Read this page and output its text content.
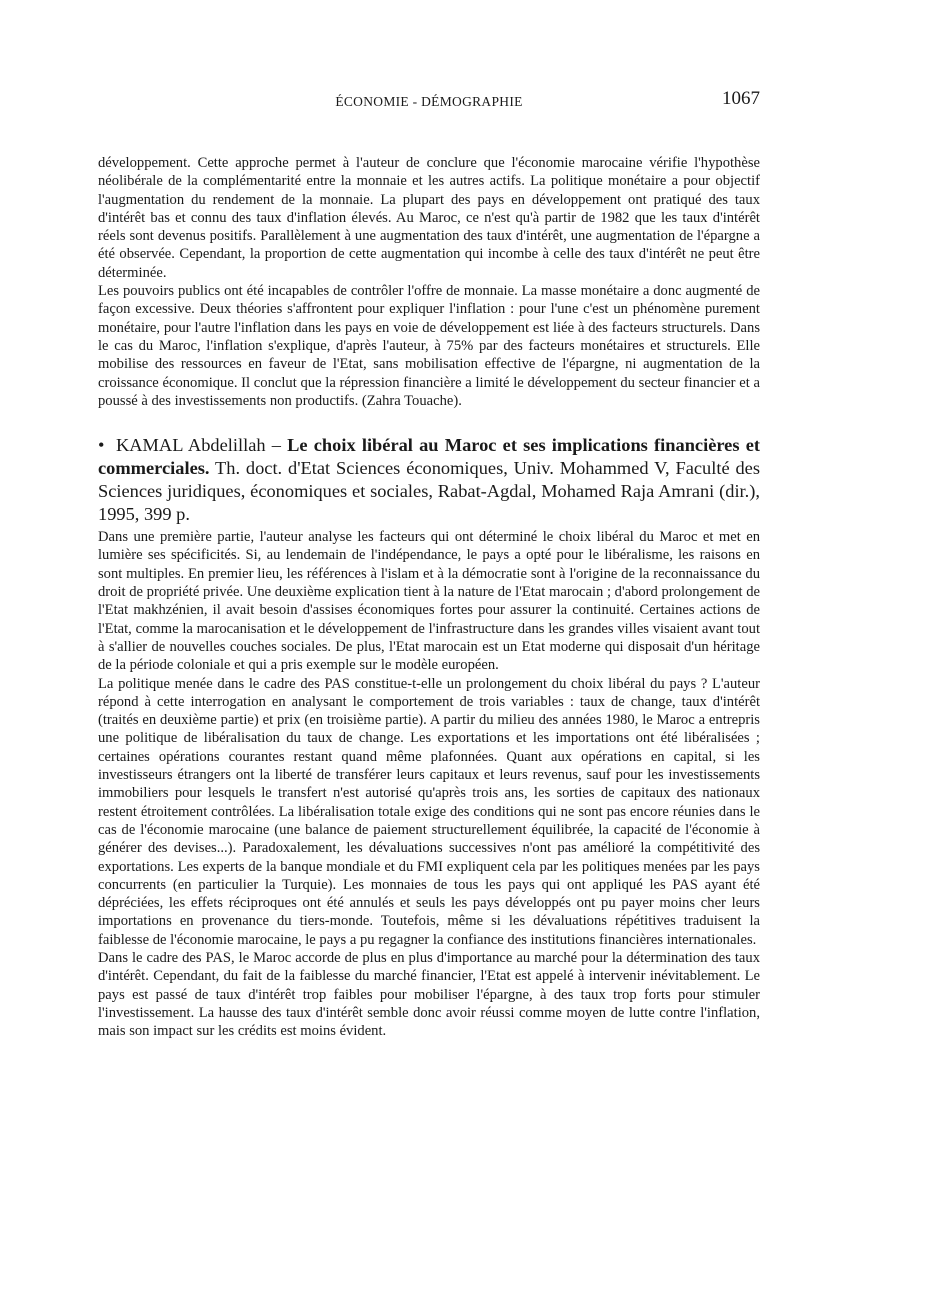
ÉCONOMIE - DÉMOGRAPHIE	1067

développement. Cette approche permet à l'auteur de conclure que l'économie marocaine vérifie l'hypothèse néolibérale de la complémentarité entre la monnaie et les autres actifs. La politique monétaire a pour objectif l'augmentation du rendement de la monnaie. La plupart des pays en développement ont pratiqué des taux d'intérêt bas et connu des taux d'inflation élevés. Au Maroc, ce n'est qu'à partir de 1982 que les taux d'intérêt réels sont devenus positifs. Parallèlement à une augmentation des taux d'intérêt, une augmentation de l'épargne a été observée. Cependant, la proportion de cette augmentation qui incombe à celle des taux d'intérêt ne peut être déterminée.

Les pouvoirs publics ont été incapables de contrôler l'offre de monnaie. La masse monétaire a donc augmenté de façon excessive. Deux théories s'affrontent pour expliquer l'inflation : pour l'une c'est un phénomène purement monétaire, pour l'autre l'inflation dans les pays en voie de développement est liée à des facteurs structurels. Dans le cas du Maroc, l'inflation s'explique, d'après l'auteur, à 75% par des facteurs monétaires et structurels. Elle mobilise des ressources en faveur de l'Etat, sans mobilisation effective de l'épargne, ni augmentation de la croissance économique. Il conclut que la répression financière a limité le développement du secteur financier et a poussé à des investissements non productifs. (Zahra Touache).

• KAMAL Abdelillah – Le choix libéral au Maroc et ses implications financières et commerciales. Th. doct. d'Etat Sciences économiques, Univ. Mohammed V, Faculté des Sciences juridiques, économiques et sociales, Rabat-Agdal, Mohamed Raja Amrani (dir.), 1995, 399 p.

Dans une première partie, l'auteur analyse les facteurs qui ont déterminé le choix libéral du Maroc et met en lumière ses spécificités. Si, au lendemain de l'indépendance, le pays a opté pour le libéralisme, les raisons en sont multiples. En premier lieu, les références à l'islam et à la démocratie sont à l'origine de la reconnaissance du droit de propriété privée. Une deuxième explication tient à la nature de l'Etat marocain ; d'abord prolongement de l'Etat makhzénien, il avait besoin d'assises économiques fortes pour assurer la continuité. Certaines actions de l'Etat, comme la marocanisation et le développement de l'infrastructure dans les grandes villes visaient avant tout à s'allier de nouvelles couches sociales. De plus, l'Etat marocain est un Etat moderne qui disposait d'un héritage de la période coloniale et qui a pris exemple sur le modèle européen.

La politique menée dans le cadre des PAS constitue-t-elle un prolongement du choix libéral du pays ? L'auteur répond à cette interrogation en analysant le comportement de trois variables : taux de change, taux d'intérêt (traités en deuxième partie) et prix (en troisième partie). A partir du milieu des années 1980, le Maroc a entrepris une politique de libéralisation du taux de change. Les exportations et les importations ont été libéralisées ; certaines opérations courantes restant quand même plafonnées. Quant aux opérations en capital, si les investisseurs étrangers ont la liberté de transférer leurs capitaux et leurs revenus, sauf pour les investissements immobiliers pour lesquels le transfert n'est autorisé qu'après trois ans, les sorties de capitaux des nationaux restent étroitement contrôlées. La libéralisation totale exige des conditions qui ne sont pas encore réunies dans le cas de l'économie marocaine (une balance de paiement structurellement équilibrée, la capacité de l'économie à générer des devises...). Paradoxalement, les dévaluations successives n'ont pas amélioré la compétitivité des exportations. Les experts de la banque mondiale et du FMI expliquent cela par les politiques menées par les pays concurrents (en particulier la Turquie). Les monnaies de tous les pays qui ont appliqué les PAS ayant été dépréciées, les effets réciproques ont été annulés et seuls les pays développés ont pu payer moins cher leurs importations en provenance du tiers-monde. Toutefois, même si les dévaluations répétitives traduisent la faiblesse de l'économie marocaine, le pays a pu regagner la confiance des institutions financières internationales.

Dans le cadre des PAS, le Maroc accorde de plus en plus d'importance au marché pour la détermination des taux d'intérêt. Cependant, du fait de la faiblesse du marché financier, l'Etat est appelé à intervenir inévitablement. Le pays est passé de taux d'intérêt trop faibles pour mobiliser l'épargne, à des taux trop forts pour stimuler l'investissement. La hausse des taux d'intérêt semble donc avoir réussi comme moyen de lutte contre l'inflation, mais son impact sur les crédits est moins évident.
